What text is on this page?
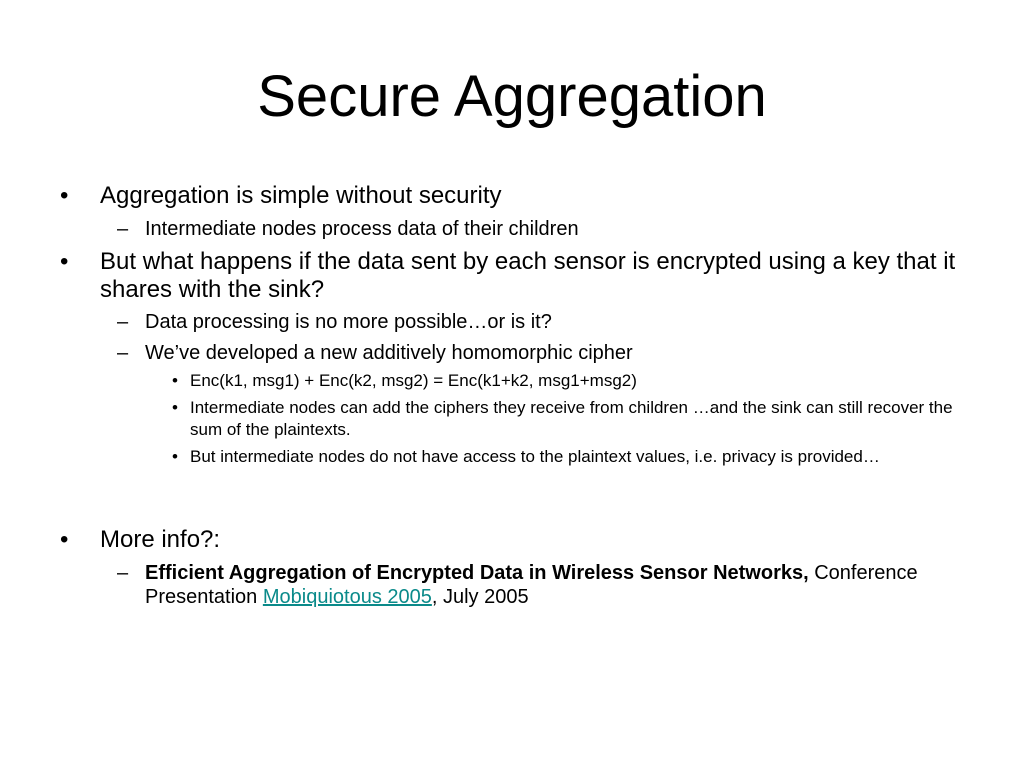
Secure Aggregation
• Aggregation is simple without security
– Intermediate nodes process data of their children
• But what happens if the data sent by each sensor is encrypted using a key that it shares with the sink?
– Data processing is no more possible…or is it?
– We’ve developed a new additively homomorphic cipher
• Enc(k1, msg1) + Enc(k2, msg2) = Enc(k1+k2, msg1+msg2)
• Intermediate nodes can add the ciphers they receive from children …and the sink can still recover the sum of the plaintexts.
• But intermediate nodes do not have access to the plaintext values, i.e. privacy is provided…
• More info?:
– Efficient Aggregation of Encrypted Data in Wireless Sensor Networks, Conference Presentation Mobiquiotous 2005, July 2005
